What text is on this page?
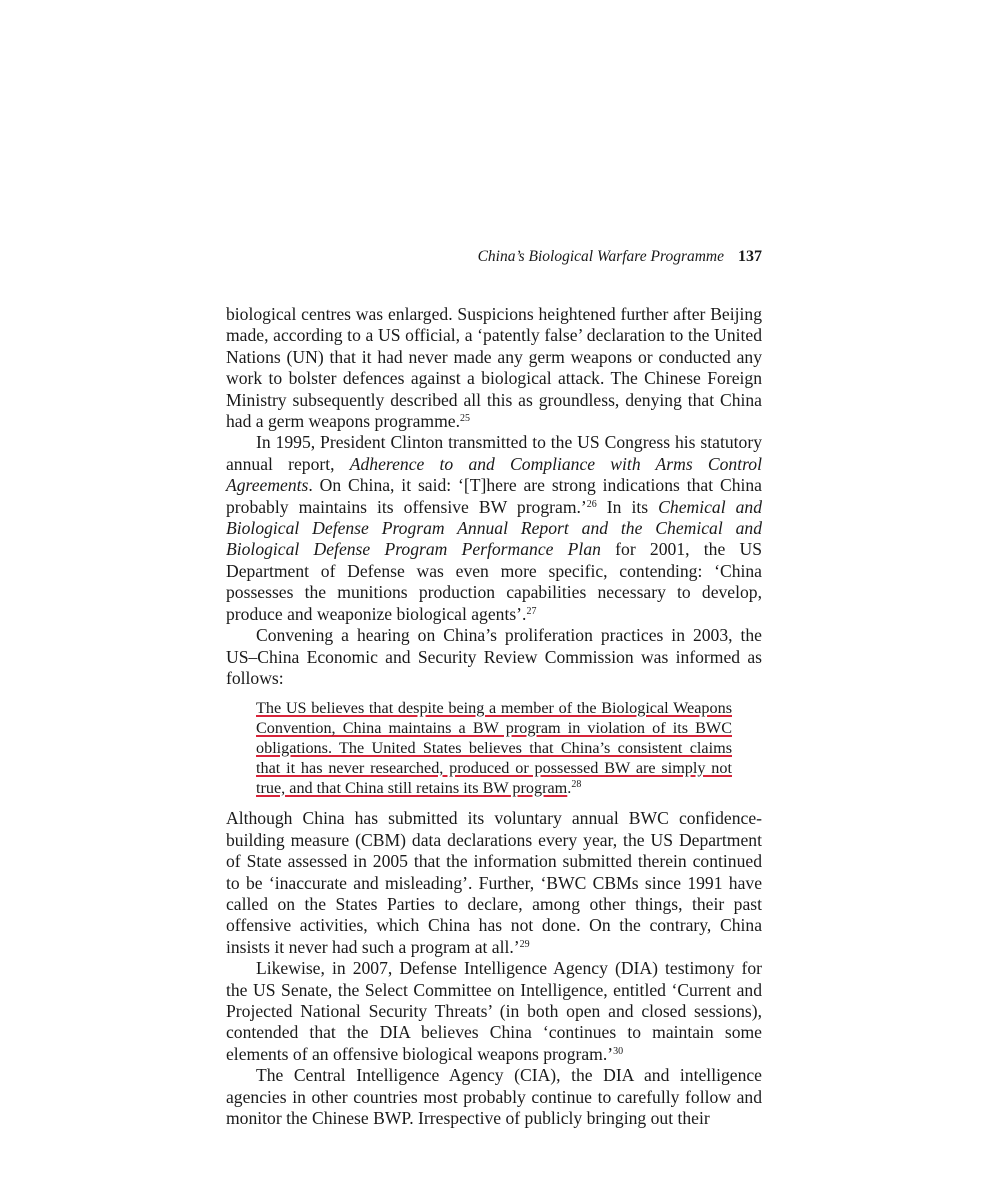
China’s Biological Warfare Programme 137

biological centres was enlarged. Suspicions heightened further after Beijing made, according to a US official, a ‘patently false’ declaration to the United Nations (UN) that it had never made any germ weapons or conducted any work to bolster defences against a biological attack. The Chinese Foreign Ministry subsequently described all this as groundless, denying that China had a germ weapons programme.$^{25}$

In 1995, President Clinton transmitted to the US Congress his statutory annual report, Adherence to and Compliance with Arms Control Agreements. On China, it said: ‘[T]here are strong indications that China probably maintains its offensive BW program.’$^{26}$ In its Chemical and Biological Defense Program Annual Report and the Chemical and Biological Defense Program Performance Plan for 2001, the US Department of Defense was even more specific, contending: ‘China possesses the munitions production capabilities necessary to develop, produce and weaponize biological agents’.$^{27}$

Convening a hearing on China’s proliferation practices in 2003, the US–China Economic and Security Review Commission was informed as follows:

The US believes that despite being a member of the Biological Weapons Convention, China maintains a BW program in violation of its BWC obligations. The United States believes that China’s consistent claims that it has never researched, produced or possessed BW are simply not true, and that China still retains its BW program.$^{28}$

Although China has submitted its voluntary annual BWC confidence-building measure (CBM) data declarations every year, the US Department of State assessed in 2005 that the information submitted therein continued to be ‘inaccurate and misleading’. Further, ‘BWC CBMs since 1991 have called on the States Parties to declare, among other things, their past offensive activities, which China has not done. On the contrary, China insists it never had such a program at all.’$^{29}$

Likewise, in 2007, Defense Intelligence Agency (DIA) testimony for the US Senate, the Select Committee on Intelligence, entitled ‘Current and Projected National Security Threats’ (in both open and closed sessions), contended that the DIA believes China ‘continues to maintain some elements of an offensive biological weapons program.’$^{30}$

The Central Intelligence Agency (CIA), the DIA and intelligence agencies in other countries most probably continue to carefully follow and monitor the Chinese BWP. Irrespective of publicly bringing out their
